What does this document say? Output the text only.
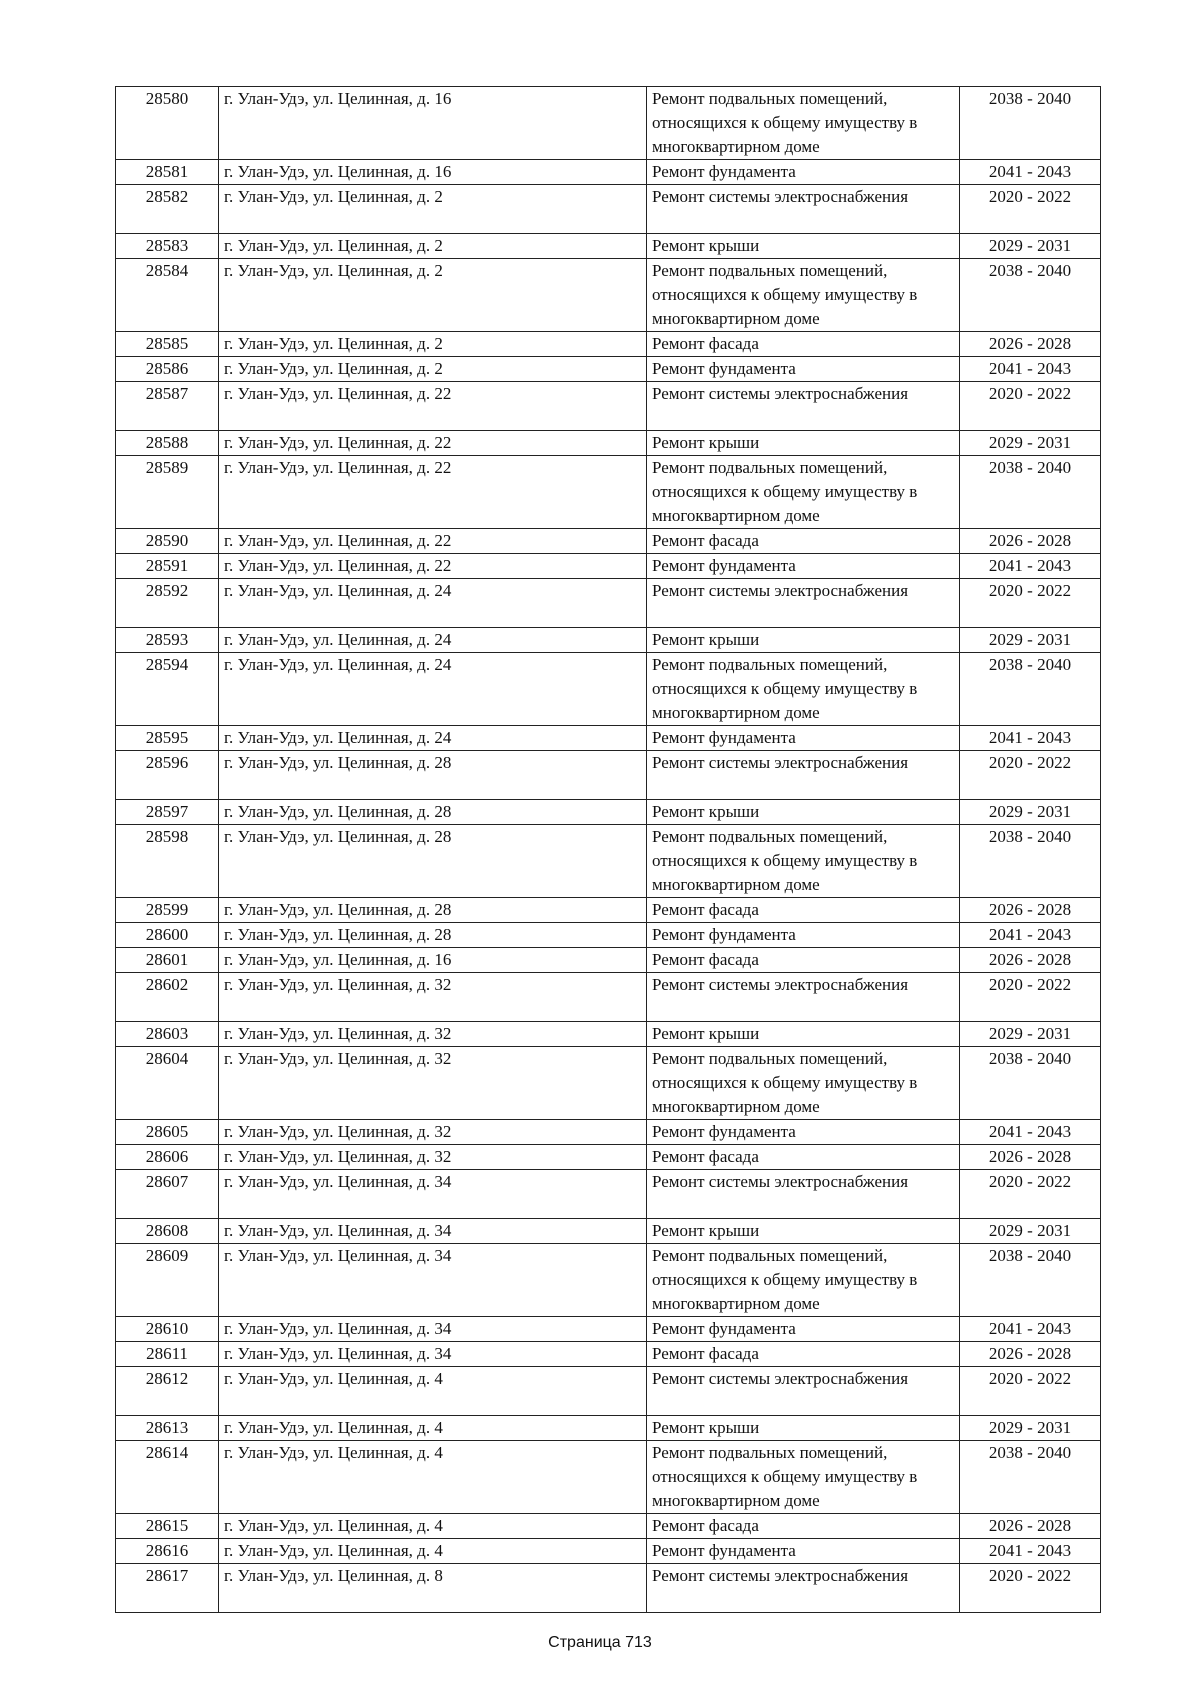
28580	г. Улан-Удэ, ул. Целинная, д. 16	Ремонт подвальных помещений, относящихся к общему имуществу в многоквартирном доме	2038 - 2040
28581	г. Улан-Удэ, ул. Целинная, д. 16	Ремонт фундамента	2041 - 2043
28582	г. Улан-Удэ, ул. Целинная, д. 2	Ремонт системы электроснабжения	2020 - 2022
28583	г. Улан-Удэ, ул. Целинная, д. 2	Ремонт крыши	2029 - 2031
28584	г. Улан-Удэ, ул. Целинная, д. 2	Ремонт подвальных помещений, относящихся к общему имуществу в многоквартирном доме	2038 - 2040
28585	г. Улан-Удэ, ул. Целинная, д. 2	Ремонт фасада	2026 - 2028
28586	г. Улан-Удэ, ул. Целинная, д. 2	Ремонт фундамента	2041 - 2043
28587	г. Улан-Удэ, ул. Целинная, д. 22	Ремонт системы электроснабжения	2020 - 2022
28588	г. Улан-Удэ, ул. Целинная, д. 22	Ремонт крыши	2029 - 2031
28589	г. Улан-Удэ, ул. Целинная, д. 22	Ремонт подвальных помещений, относящихся к общему имуществу в многоквартирном доме	2038 - 2040
28590	г. Улан-Удэ, ул. Целинная, д. 22	Ремонт фасада	2026 - 2028
28591	г. Улан-Удэ, ул. Целинная, д. 22	Ремонт фундамента	2041 - 2043
28592	г. Улан-Удэ, ул. Целинная, д. 24	Ремонт системы электроснабжения	2020 - 2022
28593	г. Улан-Удэ, ул. Целинная, д. 24	Ремонт крыши	2029 - 2031
28594	г. Улан-Удэ, ул. Целинная, д. 24	Ремонт подвальных помещений, относящихся к общему имуществу в многоквартирном доме	2038 - 2040
28595	г. Улан-Удэ, ул. Целинная, д. 24	Ремонт фундамента	2041 - 2043
28596	г. Улан-Удэ, ул. Целинная, д. 28	Ремонт системы электроснабжения	2020 - 2022
28597	г. Улан-Удэ, ул. Целинная, д. 28	Ремонт крыши	2029 - 2031
28598	г. Улан-Удэ, ул. Целинная, д. 28	Ремонт подвальных помещений, относящихся к общему имуществу в многоквартирном доме	2038 - 2040
28599	г. Улан-Удэ, ул. Целинная, д. 28	Ремонт фасада	2026 - 2028
28600	г. Улан-Удэ, ул. Целинная, д. 28	Ремонт фундамента	2041 - 2043
28601	г. Улан-Удэ, ул. Целинная, д. 16	Ремонт фасада	2026 - 2028
28602	г. Улан-Удэ, ул. Целинная, д. 32	Ремонт системы электроснабжения	2020 - 2022
28603	г. Улан-Удэ, ул. Целинная, д. 32	Ремонт крыши	2029 - 2031
28604	г. Улан-Удэ, ул. Целинная, д. 32	Ремонт подвальных помещений, относящихся к общему имуществу в многоквартирном доме	2038 - 2040
28605	г. Улан-Удэ, ул. Целинная, д. 32	Ремонт фундамента	2041 - 2043
28606	г. Улан-Удэ, ул. Целинная, д. 32	Ремонт фасада	2026 - 2028
28607	г. Улан-Удэ, ул. Целинная, д. 34	Ремонт системы электроснабжения	2020 - 2022
28608	г. Улан-Удэ, ул. Целинная, д. 34	Ремонт крыши	2029 - 2031
28609	г. Улан-Удэ, ул. Целинная, д. 34	Ремонт подвальных помещений, относящихся к общему имуществу в многоквартирном доме	2038 - 2040
28610	г. Улан-Удэ, ул. Целинная, д. 34	Ремонт фундамента	2041 - 2043
28611	г. Улан-Удэ, ул. Целинная, д. 34	Ремонт фасада	2026 - 2028
28612	г. Улан-Удэ, ул. Целинная, д. 4	Ремонт системы электроснабжения	2020 - 2022
28613	г. Улан-Удэ, ул. Целинная, д. 4	Ремонт крыши	2029 - 2031
28614	г. Улан-Удэ, ул. Целинная, д. 4	Ремонт подвальных помещений, относящихся к общему имуществу в многоквартирном доме	2038 - 2040
28615	г. Улан-Удэ, ул. Целинная, д. 4	Ремонт фасада	2026 - 2028
28616	г. Улан-Удэ, ул. Целинная, д. 4	Ремонт фундамента	2041 - 2043
28617	г. Улан-Удэ, ул. Целинная, д. 8	Ремонт системы электроснабжения	2020 - 2022
Страница 713
